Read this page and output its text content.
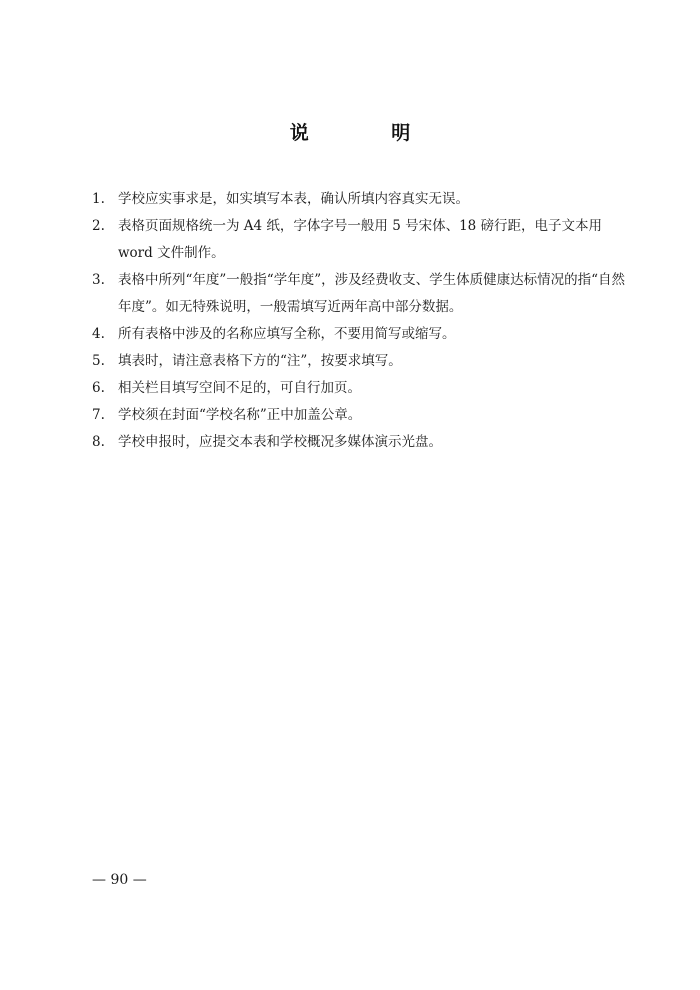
说 明
1. 学校应实事求是，如实填写本表，确认所填内容真实无误。
2. 表格页面规格统一为 A4 纸，字体字号一般用 5 号宋体、18 磅行距，电子文本用 word 文件制作。
3. 表格中所列“年度”一般指“学年度”，涉及经费收支、学生体质健康达标情况的指“自然年度”。如无特殊说明，一般需填写近两年高中部分数据。
4. 所有表格中涉及的名称应填写全称，不要用简写或缩写。
5. 填表时，请注意表格下方的“注”，按要求填写。
6. 相关栏目填写空间不足的，可自行加页。
7. 学校须在封面“学校名称”正中加盖公章。
8. 学校申报时，应提交本表和学校概况多媒体演示光盘。
— 90 —
